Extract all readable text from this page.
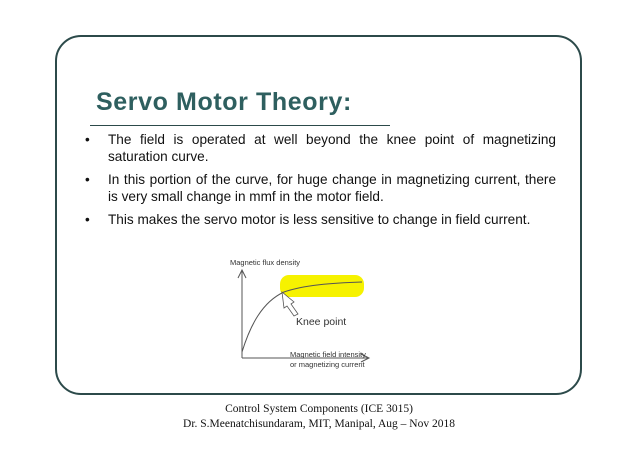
Servo Motor Theory:
• The field is operated at well beyond the knee point of magnetizing saturation curve.
• In this portion of the curve, for huge change in magnetizing current, there is very small change in mmf in the motor field.
• This makes the servo motor is less sensitive to change in field current.
Magnetic flux density
Knee point
Magnetic field intensity
or magnetizing current
Control System Components (ICE 3015)
Dr. S.Meenatchisundaram, MIT, Manipal, Aug – Nov 2018
